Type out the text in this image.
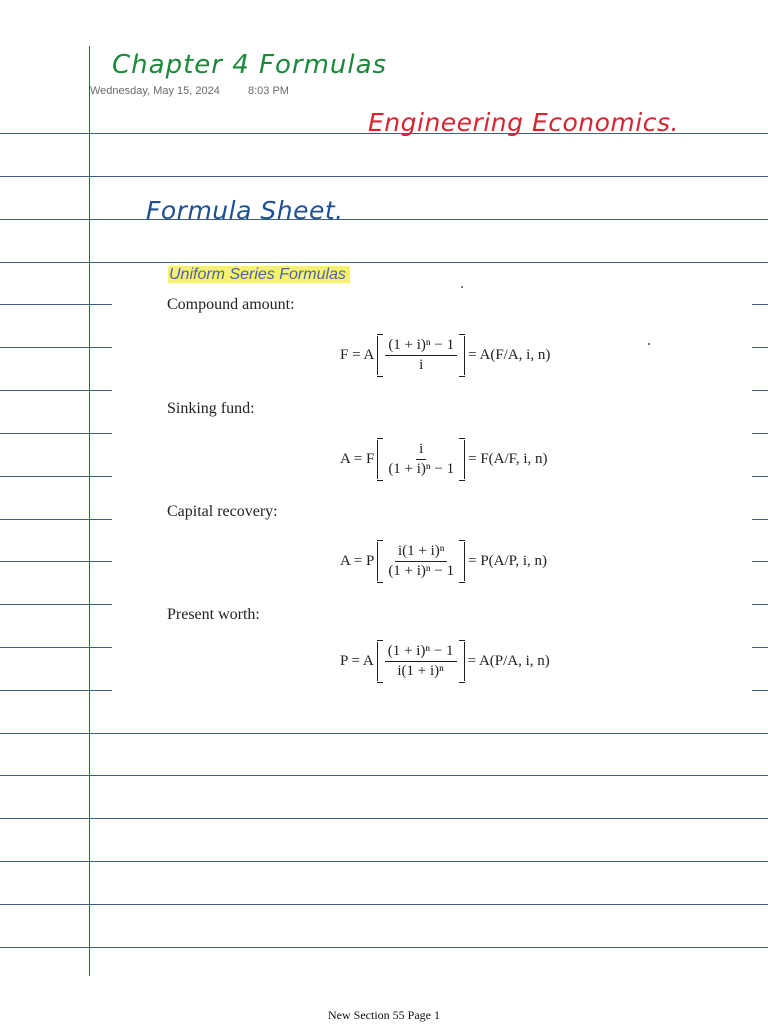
Chapter 4 Formulas
Wednesday, May 15, 2024	8:03 PM
Engineering Economics.
Formula Sheet.
Uniform Series Formulas
Compound amount:
F = A $\frac{\text{(1 + i)ⁿ − 1}}{i} = A(F/A$, i, n)
Sinking fund:
A = F $\frac{i}{\text{(1 + i)ⁿ − 1}} = F(A/F$, i, n)
Capital recovery:
A = P $\frac{\text{i(1 + i)ⁿ}}{\text{(1 + i)ⁿ − 1}} = P(A/P$, i, n)
Present worth:
P = A $\frac{\text{(1 + i)ⁿ − 1}}{\text{i(1 + i)ⁿ}} = A(P/A$, i, n)
New Section 55 Page 1
